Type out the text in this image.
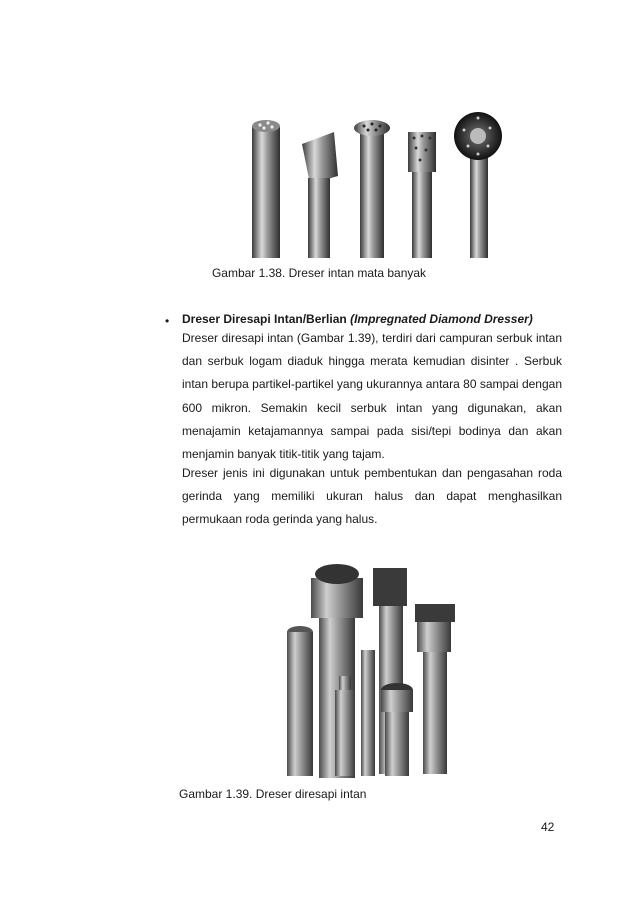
Gambar 1.38. Dreser intan mata banyak
• Dreser Diresapi Intan/Berlian (Impregnated Diamond Dresser)
Dreser diresapi intan (Gambar 1.39), terdiri dari campuran serbuk intan dan serbuk logam diaduk hingga merata kemudian disinter . Serbuk intan berupa partikel-partikel yang ukurannya antara 80 sampai dengan 600 mikron. Semakin kecil serbuk intan yang digunakan, akan menajamin ketajamannya sampai pada sisi/tepi bodinya dan akan menjamin banyak titik-titik yang tajam.
Dreser jenis ini digunakan untuk pembentukan dan pengasahan roda gerinda yang memiliki ukuran halus dan dapat menghasilkan permukaan roda gerinda yang halus.
Gambar 1.39. Dreser diresapi intan
42
